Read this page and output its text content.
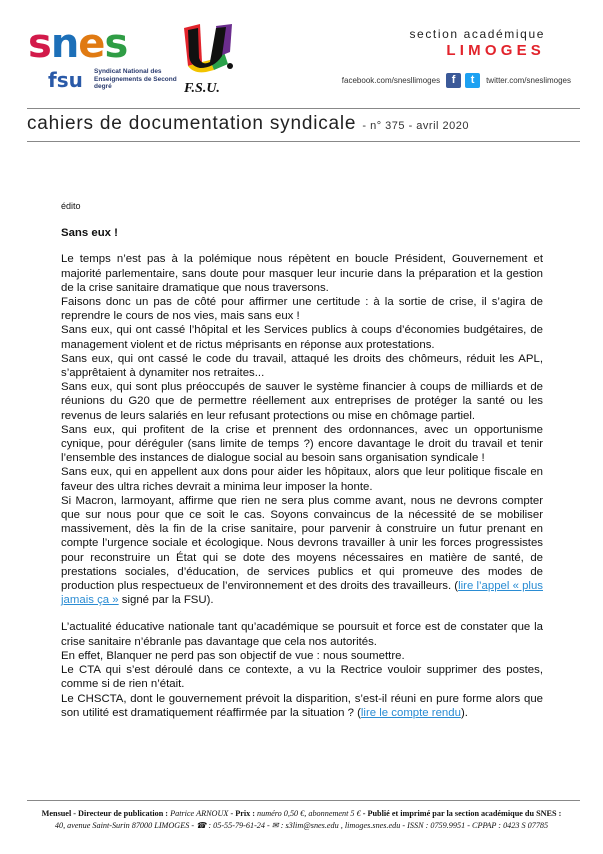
snes
fsu Syndicat National des Enseignements de Second degré	F.S.U.
section académique
LIMOGES
facebook.com/snesllimoges	f	t	twitter.com/sneslimoges
cahiers de documentation syndicale - n° 375 - avril 2020
édito
Sans eux !

Le temps n’est pas à la polémique nous répètent en boucle Président, Gouvernement et majorité parlementaire, sans doute pour masquer leur incurie dans la préparation et la gestion de la crise sanitaire dramatique que nous traversons.

Faisons donc un pas de côté pour affirmer une certitude : à la sortie de crise, il s’agira de reprendre le cours de nos vies, mais sans eux !

Sans eux, qui ont cassé l’hôpital et les Services publics à coups d’économies budgétaires, de management violent et de rictus méprisants en réponse aux protestations.

Sans eux, qui ont cassé le code du travail, attaqué les droits des chômeurs, réduit les APL, s’apprêtaient à dynamiter nos retraites...

Sans eux, qui sont plus préoccupés de sauver le système financier à coups de milliards et de réunions du G20 que de permettre réellement aux entreprises de protéger la santé ou les revenus de leurs salariés en leur refusant protections ou mise en chômage partiel.

Sans eux, qui profitent de la crise et prennent des ordonnances, avec un opportunisme cynique, pour déréguler (sans limite de temps ?) encore davantage le droit du travail et tenir l’ensemble des instances de dialogue social au besoin sans organisation syndicale !

Sans eux, qui en appellent aux dons pour aider les hôpitaux, alors que leur politique fiscale en faveur des ultra riches devrait a minima leur imposer la honte.

Si Macron, larmoyant, affirme que rien ne sera plus comme avant, nous ne devrons compter que sur nous pour que ce soit le cas. Soyons convaincus de la nécessité de se mobiliser massivement, dès la fin de la crise sanitaire, pour parvenir à construire un futur prenant en compte l’urgence sociale et écologique. Nous devrons travailler à unir les forces progressistes pour reconstruire un État qui se dote des moyens nécessaires en matière de santé, de prestations sociales, d’éducation, de services publics et qui promeuve des modes de production plus respectueux de l’environnement et des droits des travailleurs. (lire l’appel « plus jamais ça » signé par la FSU).

L’actualité éducative nationale tant qu’académique se poursuit et force est de constater que la crise sanitaire n’ébranle pas davantage que cela nos autorités.

En effet, Blanquer ne perd pas son objectif de vue : nous soumettre.

Le CTA qui s’est déroulé dans ce contexte, a vu la Rectrice vouloir supprimer des postes, comme si de rien n’était.

Le CHSCTA, dont le gouvernement prévoit la disparition, s’est-il réuni en pure forme alors que son utilité est dramatiquement réaffirmée par la situation ? (lire le compte rendu).

Mensuel - Directeur de publication : Patrice ARNOUX - Prix : numéro 0,50 €, abonnement 5 € - Publié et imprimé par la section académique du SNES :
40, avenue Saint-Surin 87000 LIMOGES - ☎ : 05-55-79-61-24 - ✉ : s3lim@snes.edu , limoges.snes.edu - ISSN : 0759.9951 - CPPAP : 0423 S 07785
